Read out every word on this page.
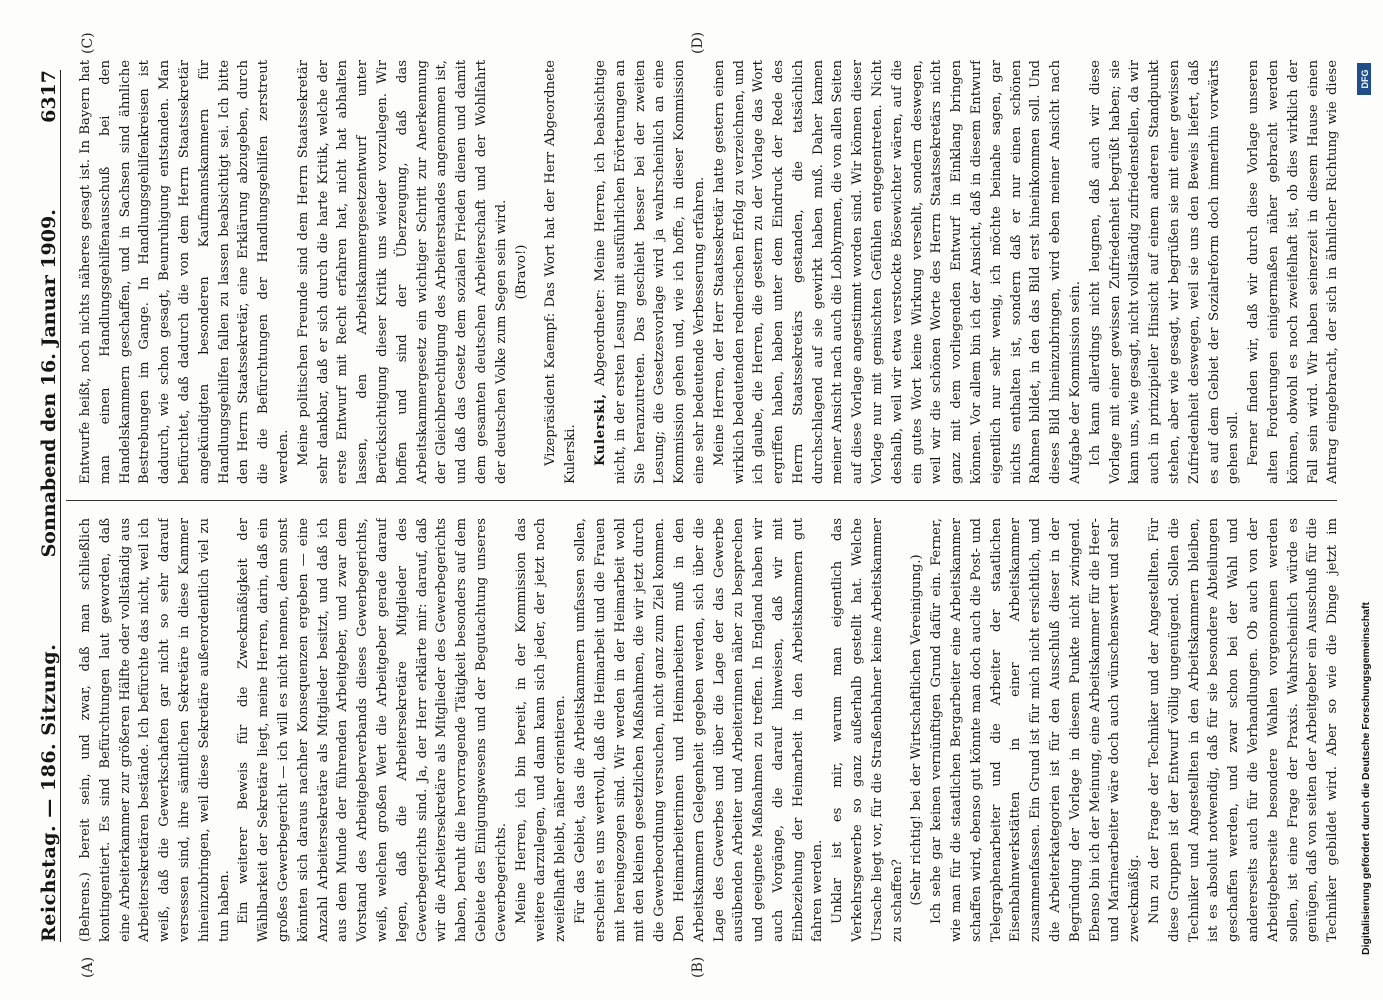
Reichstag. — 186. Sitzung.
Sonnabend den 16. Januar 1909.
6317
(A)	(B)
(C)	(D)

(Behrens.) bereit sein, und zwar, daß man schließlich kontingentiert. Es sind Befürchtungen laut geworden, daß eine Arbeiterkammer zur größeren Hälfte oder vollständig aus Arbeitersekretären bestände. Ich befürchte das nicht, weil ich weiß, daß die Gewerkschaften gar nicht so sehr darauf versessen sind, ihre sämtlichen Sekretäre in diese Kammer hineinzubringen, weil diese Sekretäre außerordentlich viel zu tun haben. Ein weiterer Beweis für die Zweckmäßigkeit der Wählbarkeit der Sekretäre liegt, meine Herren, darin, daß ein großes Gewerbegericht — ich will es nicht nennen, denn sonst könnten sich daraus nachher Konsequenzen ergeben — eine Anzahl Arbeitersekretäre als Mitglieder besitzt, und daß ich aus dem Munde der führenden Arbeitgeber, und zwar dem Vorstand des Arbeitgeberverbands dieses Gewerbegerichts, weiß, welchen großen Wert die Arbeitgeber gerade darauf legen, daß die Arbeitersekretäre Mitglieder des Gewerbegerichts sind. Ja, der Herr erklärte mir: darauf, daß wir die Arbeitersekretäre als Mitglieder des Gewerbegerichts haben, beruht die hervorragende Tätigkeit besonders auf dem Gebiete des Einigungswesens und der Begutachtung unseres Gewerbegerichts. Meine Herren, ich bin bereit, in der Kommission das weitere darzulegen, und dann kann sich jeder, der jetzt noch zweifelhaft bleibt, näher orientieren. Für das Gebiet, das die Arbeitskammern umfassen sollen, erscheint es uns wertvoll, daß die Heimarbeit und die Frauen mit hereingezogen sind. Wir werden in der Heimarbeit wohl mit den kleinen gesetzlichen Maßnahmen, die wir jetzt durch die Gewerbeordnung versuchen, nicht ganz zum Ziel kommen. Den Heimarbeiterinnen und Heimarbeitern muß in den Arbeitskammern Gelegenheit gegeben werden, sich über die Lage des Gewerbes und über die Lage der das Gewerbe ausübenden Arbeiter und Arbeiterinnen näher zu besprechen und geeignete Maßnahmen zu treffen. In England haben wir auch Vorgänge, die darauf hinweisen, daß wir mit Einbeziehung der Heimarbeit in den Arbeitskammern gut fahren werden. Unklar ist es mir, warum man eigentlich das Verkehrsgewerbe so ganz außerhalb gestellt hat. Welche Ursache liegt vor, für die Straßenbahner keine Arbeitskammer zu schaffen? (Sehr richtig! bei der Wirtschaftlichen Vereinigung.) Ich sehe gar keinen vernünftigen Grund dafür ein. Ferner, wie man für die staatlichen Bergarbeiter eine Arbeitskammer schaffen wird, ebenso gut könnte man doch auch die Post- und Telegraphenarbeiter und die Arbeiter der staatlichen Eisenbahnwerkstätten in einer Arbeitskammer zusammenfassen. Ein Grund ist für mich nicht ersichtlich, und die Arbeiterkategorien ist für den Ausschluß dieser in der Begründung der Vorlage in diesem Punkte nicht zwingend. Ebenso bin ich der Meinung, eine Arbeitskammer für die Heer- und Marinearbeiter wäre doch auch wünschenswert und sehr zweckmäßig. Nun zu der Frage der Techniker und der Angestellten. Für diese Gruppen ist der Entwurf völlig ungenügend. Sollen die Techniker und Angestellten in den Arbeitskammern bleiben, ist es absolut notwendig, daß für sie besondere Abteilungen geschaffen werden, und zwar schon bei der Wahl und andererseits auch für die Verhandlungen. Ob auch von der Arbeitgeberseite besondere Wahlen vorgenommen werden sollen, ist eine Frage der Praxis. Wahrscheinlich würde es genügen, daß von seiten der Arbeitgeber ein Ausschuß für die Techniker gebildet wird. Aber so wie die Dinge jetzt im

Entwurfe heißt, noch nichts näheres gesagt ist. In Bayern hat man einen Handlungsgehilfenausschuß bei den Handelskammern geschaffen, und in Sachsen sind ähnliche Bestrebungen im Gange. In Handlungsgehilfenkreisen ist dadurch, wie schon gesagt, Beunruhigung entstanden. Man befürchtet, daß dadurch die von dem Herrn Staatssekretär angekündigten besonderen Kaufmannskammern für Handlungsgehilfen fallen zu lassen beabsichtigt sei. Ich bitte den Herrn Staatssekretär, eine Erklärung abzugeben, durch die die Befürchtungen der Handlungsgehilfen zerstreut werden. Meine politischen Freunde sind dem Herrn Staatssekretär sehr dankbar, daß er sich durch die harte Kritik, welche der erste Entwurf mit Recht erfahren hat, nicht hat abhalten lassen, den Arbeitskammergesetzentwurf unter Berücksichtigung dieser Kritik uns wieder vorzulegen. Wir hoffen und sind der Überzeugung, daß das Arbeitskammergesetz ein wichtiger Schritt zur Anerkennung der Gleichberechtigung des Arbeiterstandes angenommen ist, und daß das Gesetz dem sozialen Frieden dienen und damit dem gesamten deutschen Arbeiterschaft und der Wohlfahrt der deutschen Volke zum Segen sein wird. (Bravo!) Vizepräsident Kaempf: Das Wort hat der Herr Abgeordnete Kulerski. Kulerski, Abgeordneter: Meine Herren, ich beabsichtige nicht, in der ersten Lesung mit ausführlichen Erörterungen an Sie heranzutreten. Das geschieht besser bei der zweiten Lesung; die Gesetzesvorlage wird ja wahrscheinlich an eine Kommission gehen und, wie ich hoffe, in dieser Kommission eine sehr bedeutende Verbesserung erfahren. Meine Herren, der Herr Staatssekretär hatte gestern einen wirklich bedeutenden rednerischen Erfolg zu verzeichnen, und ich glaube, die Herren, die gestern zu der Vorlage das Wort ergriffen haben, haben unter dem Eindruck der Rede des Herrn Staatssekretärs gestanden, die tatsächlich durchschlagend auf sie gewirkt haben muß. Daher kamen meiner Ansicht nach auch die Lobhymnen, die von allen Seiten auf diese Vorlage angestimmt worden sind. Wir können dieser Vorlage nur mit gemischten Gefühlen entgegentreten. Nicht deshalb, weil wir etwa verstockte Bösewichter wären, auf die ein gutes Wort keine Wirkung versehlt, sondern deswegen, weil wir die schönen Worte des Herrn Staatssekretärs nicht ganz mit dem vorliegenden Entwurf in Einklang bringen können. Vor allem bin ich der Ansicht, daß in diesem Entwurf eigentlich nur sehr wenig, ich möchte beinahe sagen, gar nichts enthalten ist, sondern daß er nur einen schönen Rahmen bildet, in den das Bild erst hineinkommen soll. Und dieses Bild hineinzubringen, wird eben meiner Ansicht nach Aufgabe der Kommission sein. Ich kann allerdings nicht leugnen, daß auch wir diese Vorlage mit einer gewissen Zufriedenheit begrüßt haben; sie kann uns, wie gesagt, nicht vollständig zufriedenstellen, da wir auch in prinzipieller Hinsicht auf einem anderen Standpunkt stehen, aber wie gesagt, wir begrüßen sie mit einer gewissen Zufriedenheit deswegen, weil sie uns den Beweis liefert, daß es auf dem Gebiet der Sozialreform doch immerhin vorwärts gehen soll. Ferner finden wir, daß wir durch diese Vorlage unseren alten Forderungen einigermaßen näher gebracht werden können, obwohl es noch zweifelhaft ist, ob dies wirklich der Fall sein wird. Wir haben seinerzeit in diesem Hause einen Antrag eingebracht, der sich in ähnlicher Richtung wie diese

Digitalisierung gefördert durch die Deutsche Forschungsgemeinschaft
DFG
